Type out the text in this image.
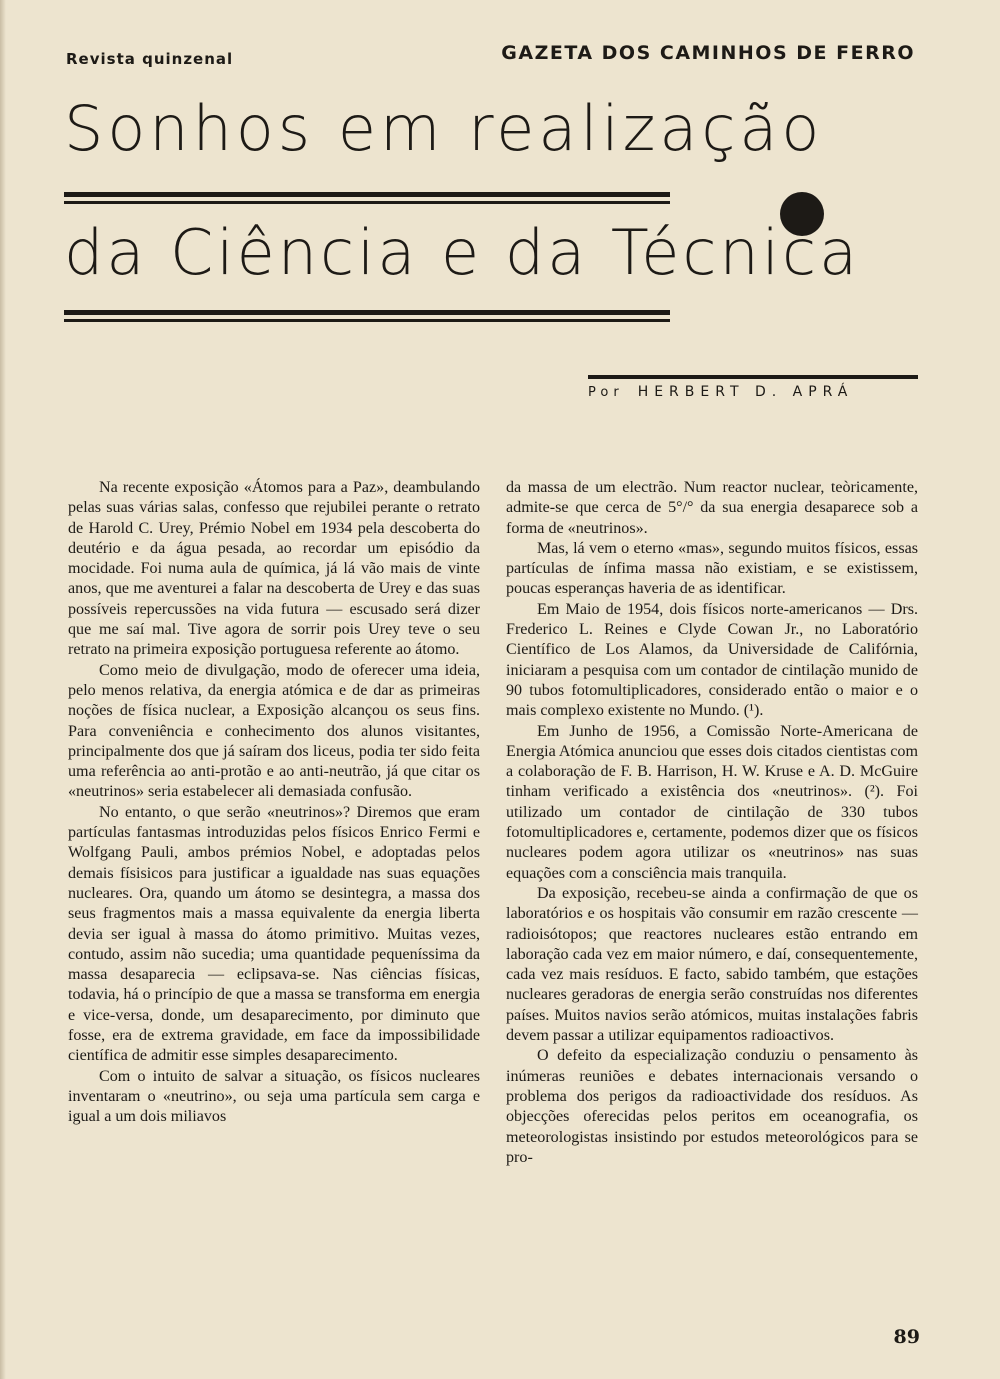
Revista quinzenal	GAZETA DOS CAMINHOS DE FERRO
Sonhos em realização
da Ciência e da Técnica
Por HERBERT D. APRÁ

Na recente exposição «Átomos para a Paz», deambulando pelas suas várias salas, confesso que rejubilei perante o retrato de Harold C. Urey, Prémio Nobel em 1934 pela descoberta do deutério e da água pesada, ao recordar um episódio da mocidade. Foi numa aula de química, já lá vão mais de vinte anos, que me aventurei a falar na descoberta de Urey e das suas possíveis repercussões na vida futura — escusado será dizer que me saí mal. Tive agora de sorrir pois Urey teve o seu retrato na primeira exposição portuguesa referente ao átomo.

Como meio de divulgação, modo de oferecer uma ideia, pelo menos relativa, da energia atómica e de dar as primeiras noções de física nuclear, a Exposição alcançou os seus fins. Para conveniência e conhecimento dos alunos visitantes, principalmente dos que já saíram dos liceus, podia ter sido feita uma referência ao anti-protão e ao anti-neutrão, já que citar os «neutrinos» seria estabelecer ali demasiada confusão.

No entanto, o que serão «neutrinos»? Diremos que eram partículas fantasmas introduzidas pelos físicos Enrico Fermi e Wolfgang Pauli, ambos prémios Nobel, e adoptadas pelos demais físisicos para justificar a igualdade nas suas equações nucleares. Ora, quando um átomo se desintegra, a massa dos seus fragmentos mais a massa equivalente da energia liberta devia ser igual à massa do átomo primitivo. Muitas vezes, contudo, assim não sucedia; uma quantidade pequeníssima da massa desaparecia — eclipsava-se. Nas ciências físicas, todavia, há o princípio de que a massa se transforma em energia e vice-versa, donde, um desaparecimento, por diminuto que fosse, era de extrema gravidade, em face da impossibilidade científica de admitir esse simples desaparecimento.

Com o intuito de salvar a situação, os físicos nucleares inventaram o «neutrino», ou seja uma partícula sem carga e igual a um dois miliavos

da massa de um electrão. Num reactor nuclear, teòricamente, admite-se que cerca de 5°/° da sua energia desaparece sob a forma de «neutrinos».

Mas, lá vem o eterno «mas», segundo muitos físicos, essas partículas de ínfima massa não existiam, e se existissem, poucas esperanças haveria de as identificar.

Em Maio de 1954, dois físicos norte-americanos — Drs. Frederico L. Reines e Clyde Cowan Jr., no Laboratório Científico de Los Alamos, da Universidade de Califórnia, iniciaram a pesquisa com um contador de cintilação munido de 90 tubos fotomultiplicadores, considerado então o maior e o mais complexo existente no Mundo. (¹).

Em Junho de 1956, a Comissão Norte-Americana de Energia Atómica anunciou que esses dois citados cientistas com a colaboração de F. B. Harrison, H. W. Kruse e A. D. McGuire tinham verificado a existência dos «neutrinos». (²). Foi utilizado um contador de cintilação de 330 tubos fotomultiplicadores e, certamente, podemos dizer que os físicos nucleares podem agora utilizar os «neutrinos» nas suas equações com a consciência mais tranquila.

Da exposição, recebeu-se ainda a confirmação de que os laboratórios e os hospitais vão consumir em razão crescente — radioisótopos; que reactores nucleares estão entrando em laboração cada vez em maior número, e daí, consequentemente, cada vez mais resíduos. E facto, sabido também, que estações nucleares geradoras de energia serão construídas nos diferentes países. Muitos navios serão atómicos, muitas instalações fabris devem passar a utilizar equipamentos radioactivos.

O defeito da especialização conduziu o pensamento às inúmeras reuniões e debates internacionais versando o problema dos perigos da radioactividade dos resíduos. As objecções oferecidas pelos peritos em oceanografia, os meteorologistas insistindo por estudos meteorológicos para se pro-

89
